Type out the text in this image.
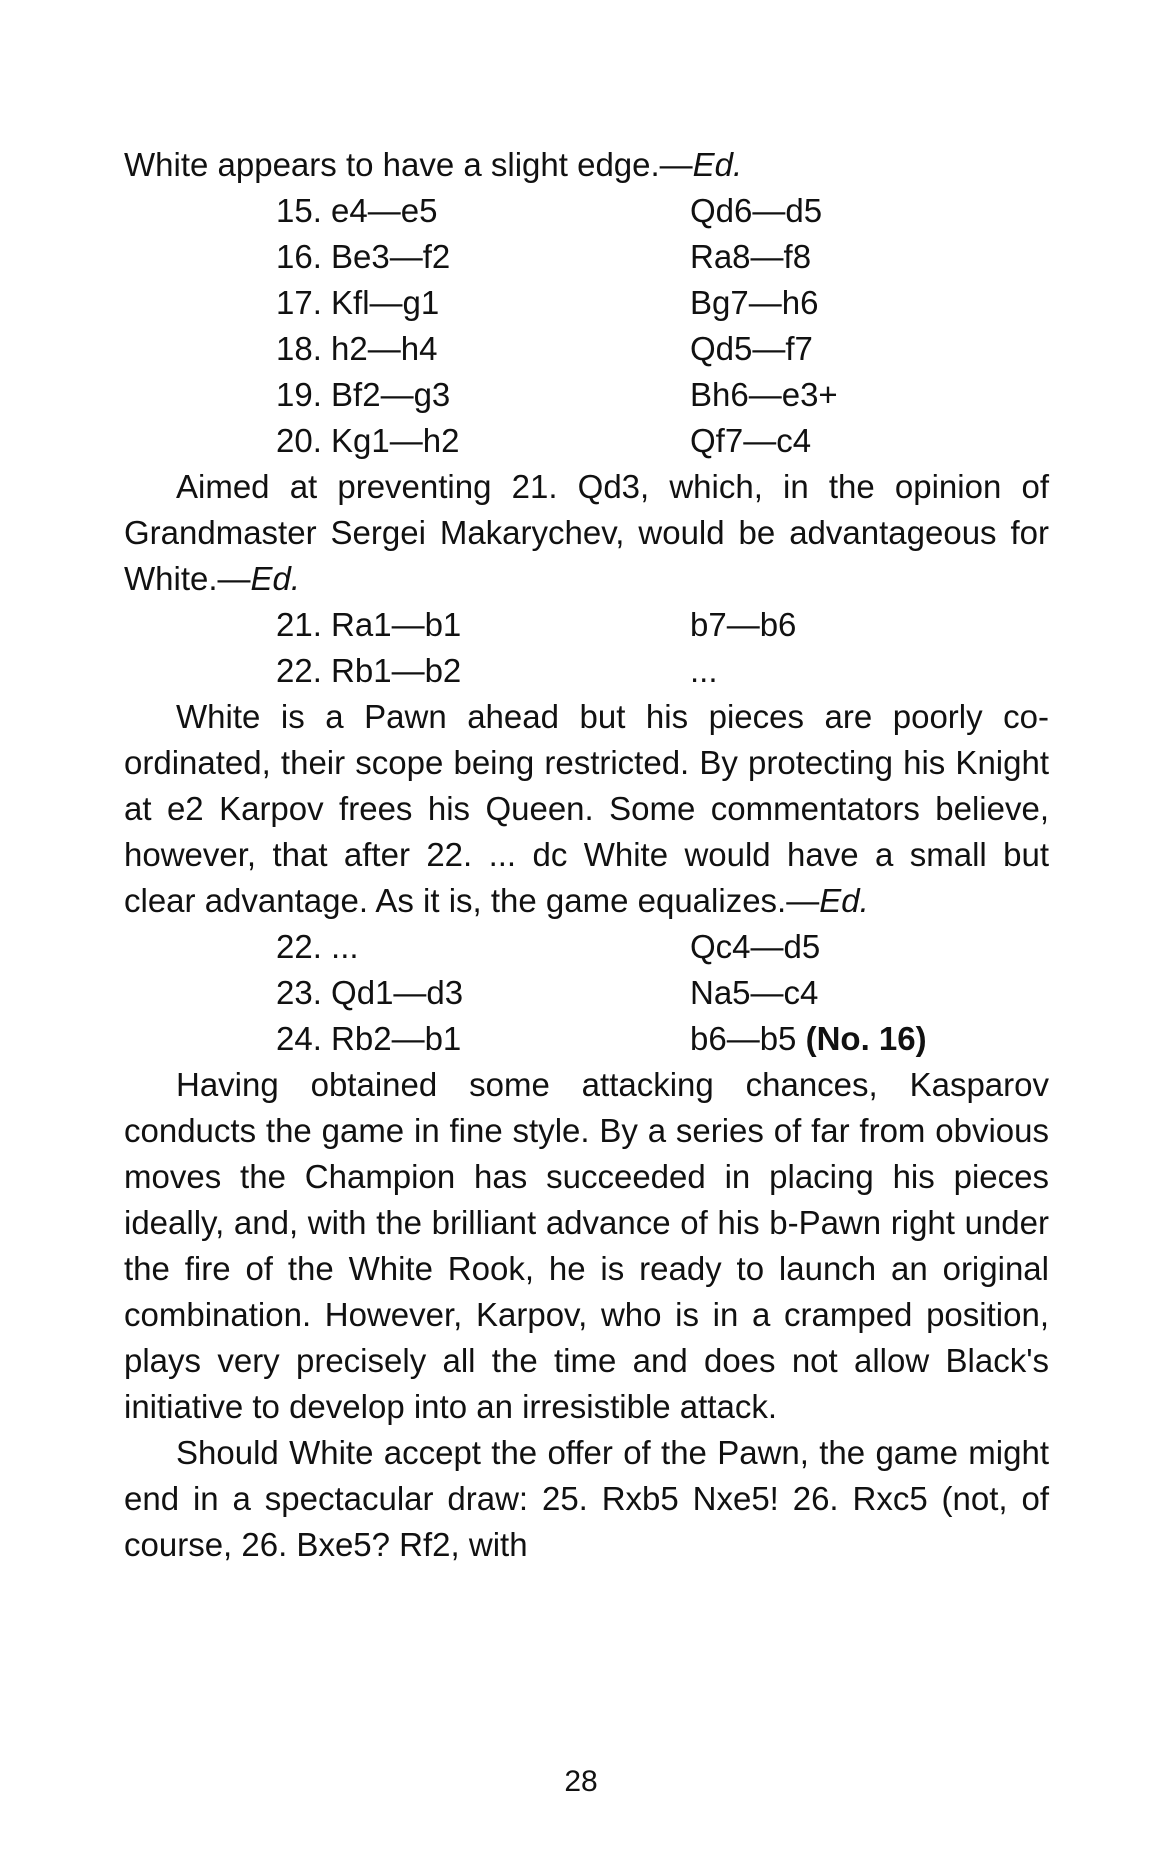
White appears to have a slight edge.—Ed.
15. e4—e5	Qd6—d5
16. Be3—f2	Ra8—f8
17. Kfl—g1	Bg7—h6
18. h2—h4	Qd5—f7
19. Bf2—g3	Bh6—e3+
20. Kg1—h2	Qf7—c4

Aimed at preventing 21. Qd3, which, in the opinion of Grandmaster Sergei Makarychev, would be advantageous for White.—Ed.

21. Ra1—b1	b7—b6
22. Rb1—b2	...

White is a Pawn ahead but his pieces are poorly co-ordinated, their scope being restricted. By protecting his Knight at e2 Karpov frees his Queen. Some commentators believe, however, that after 22. ... dc White would have a small but clear advantage. As it is, the game equalizes.—Ed.

22. ...	Qc4—d5
23. Qd1—d3	Na5—c4
24. Rb2—b1	b6—b5 (No. 16)

Having obtained some attacking chances, Kasparov conducts the game in fine style. By a series of far from obvious moves the Champion has succeeded in placing his pieces ideally, and, with the brilliant advance of his b-Pawn right under the fire of the White Rook, he is ready to launch an original combination. However, Karpov, who is in a cramped position, plays very precisely all the time and does not allow Black's initiative to develop into an irresistible attack.

Should White accept the offer of the Pawn, the game might end in a spectacular draw: 25. Rxb5 Nxe5! 26. Rxc5 (not, of course, 26. Bxe5? Rf2, with

28
